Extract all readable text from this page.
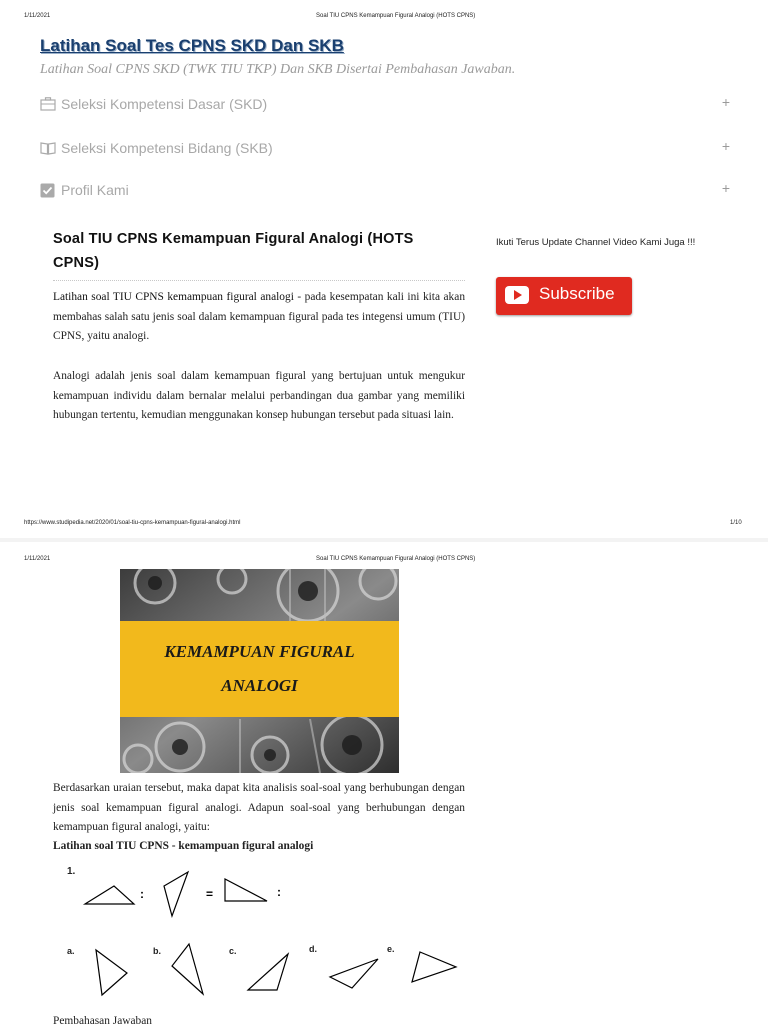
1/11/2021	Soal TIU CPNS Kemampuan Figural Analogi (HOTS CPNS)
Latihan Soal Tes CPNS SKD Dan SKB
Latihan Soal CPNS SKD (TWK TIU TKP) Dan SKB Disertai Pembahasan Jawaban.
Seleksi Kompetensi Dasar (SKD)	+
Seleksi Kompetensi Bidang (SKB)	+
Profil Kami	+
Soal TIU CPNS Kemampuan Figural Analogi (HOTS CPNS)
Latihan soal TIU CPNS kemampuan figural analogi - pada kesempatan kali ini kita akan membahas salah satu jenis soal dalam kemampuan figural pada tes integensi umum (TIU) CPNS, yaitu analogi.
Analogi adalah jenis soal dalam kemampuan figural yang bertujuan untuk mengukur kemampuan individu dalam bernalar melalui perbandingan dua gambar yang memiliki hubungan tertentu, kemudian menggunakan konsep hubungan tersebut pada situasi lain.
Ikuti Terus Update Channel Video Kami Juga !!!
Subscribe
https://www.studipedia.net/2020/01/soal-tiu-cpns-kemampuan-figural-analogi.html	1/10
1/11/2021	Soal TIU CPNS Kemampuan Figural Analogi (HOTS CPNS)
KEMAMPUAN FIGURAL
ANALOGI
Berdasarkan uraian tersebut, maka dapat kita analisis soal-soal yang berhubungan dengan jenis soal kemampuan figural analogi. Adapun soal-soal yang berhubungan dengan kemampuan figural analogi, yaitu:
Latihan soal TIU CPNS - kemampuan figural analogi
1.
:	=	:
a.	b.	c.	d.	e.
Pembahasan Jawaban
